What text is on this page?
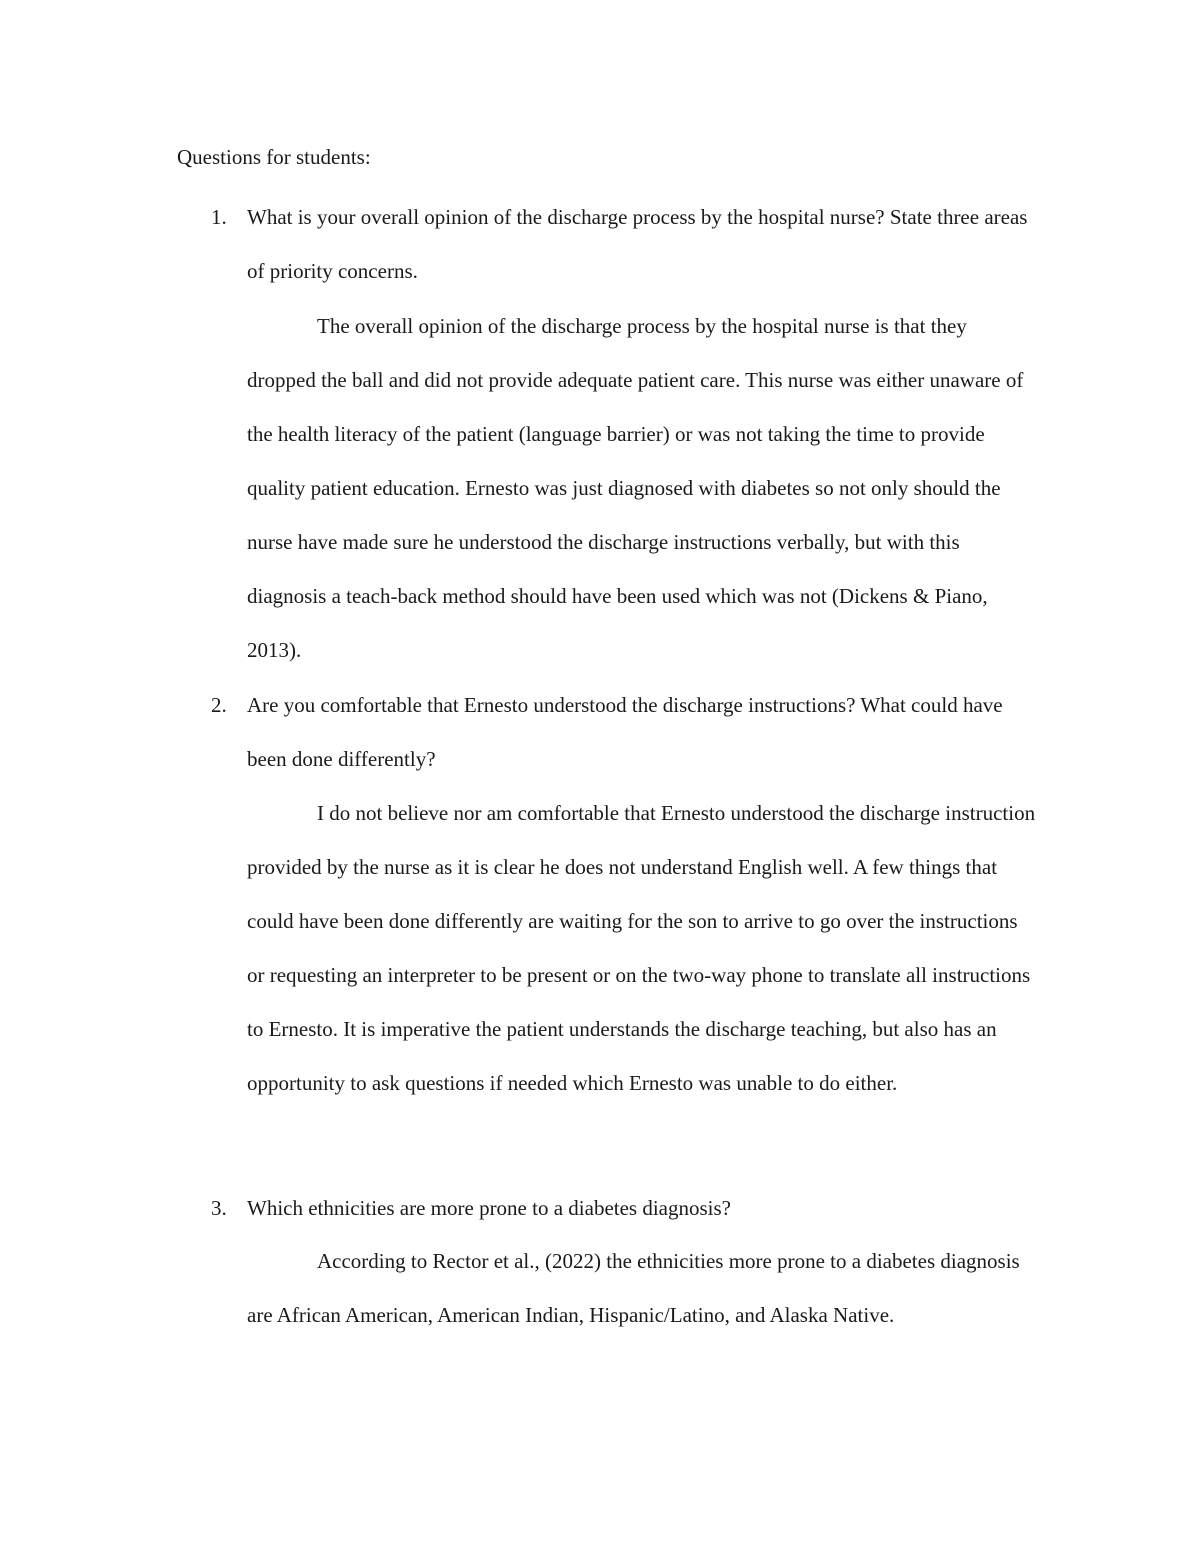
Questions for students:

1. What is your overall opinion of the discharge process by the hospital nurse? State three areas of priority concerns.

The overall opinion of the discharge process by the hospital nurse is that they dropped the ball and did not provide adequate patient care. This nurse was either unaware of the health literacy of the patient (language barrier) or was not taking the time to provide quality patient education. Ernesto was just diagnosed with diabetes so not only should the nurse have made sure he understood the discharge instructions verbally, but with this diagnosis a teach-back method should have been used which was not (Dickens & Piano, 2013).

2. Are you comfortable that Ernesto understood the discharge instructions? What could have been done differently?

I do not believe nor am comfortable that Ernesto understood the discharge instruction provided by the nurse as it is clear he does not understand English well. A few things that could have been done differently are waiting for the son to arrive to go over the instructions or requesting an interpreter to be present or on the two-way phone to translate all instructions to Ernesto. It is imperative the patient understands the discharge teaching, but also has an opportunity to ask questions if needed which Ernesto was unable to do either.

3. Which ethnicities are more prone to a diabetes diagnosis?

According to Rector et al., (2022) the ethnicities more prone to a diabetes diagnosis are African American, American Indian, Hispanic/Latino, and Alaska Native.
